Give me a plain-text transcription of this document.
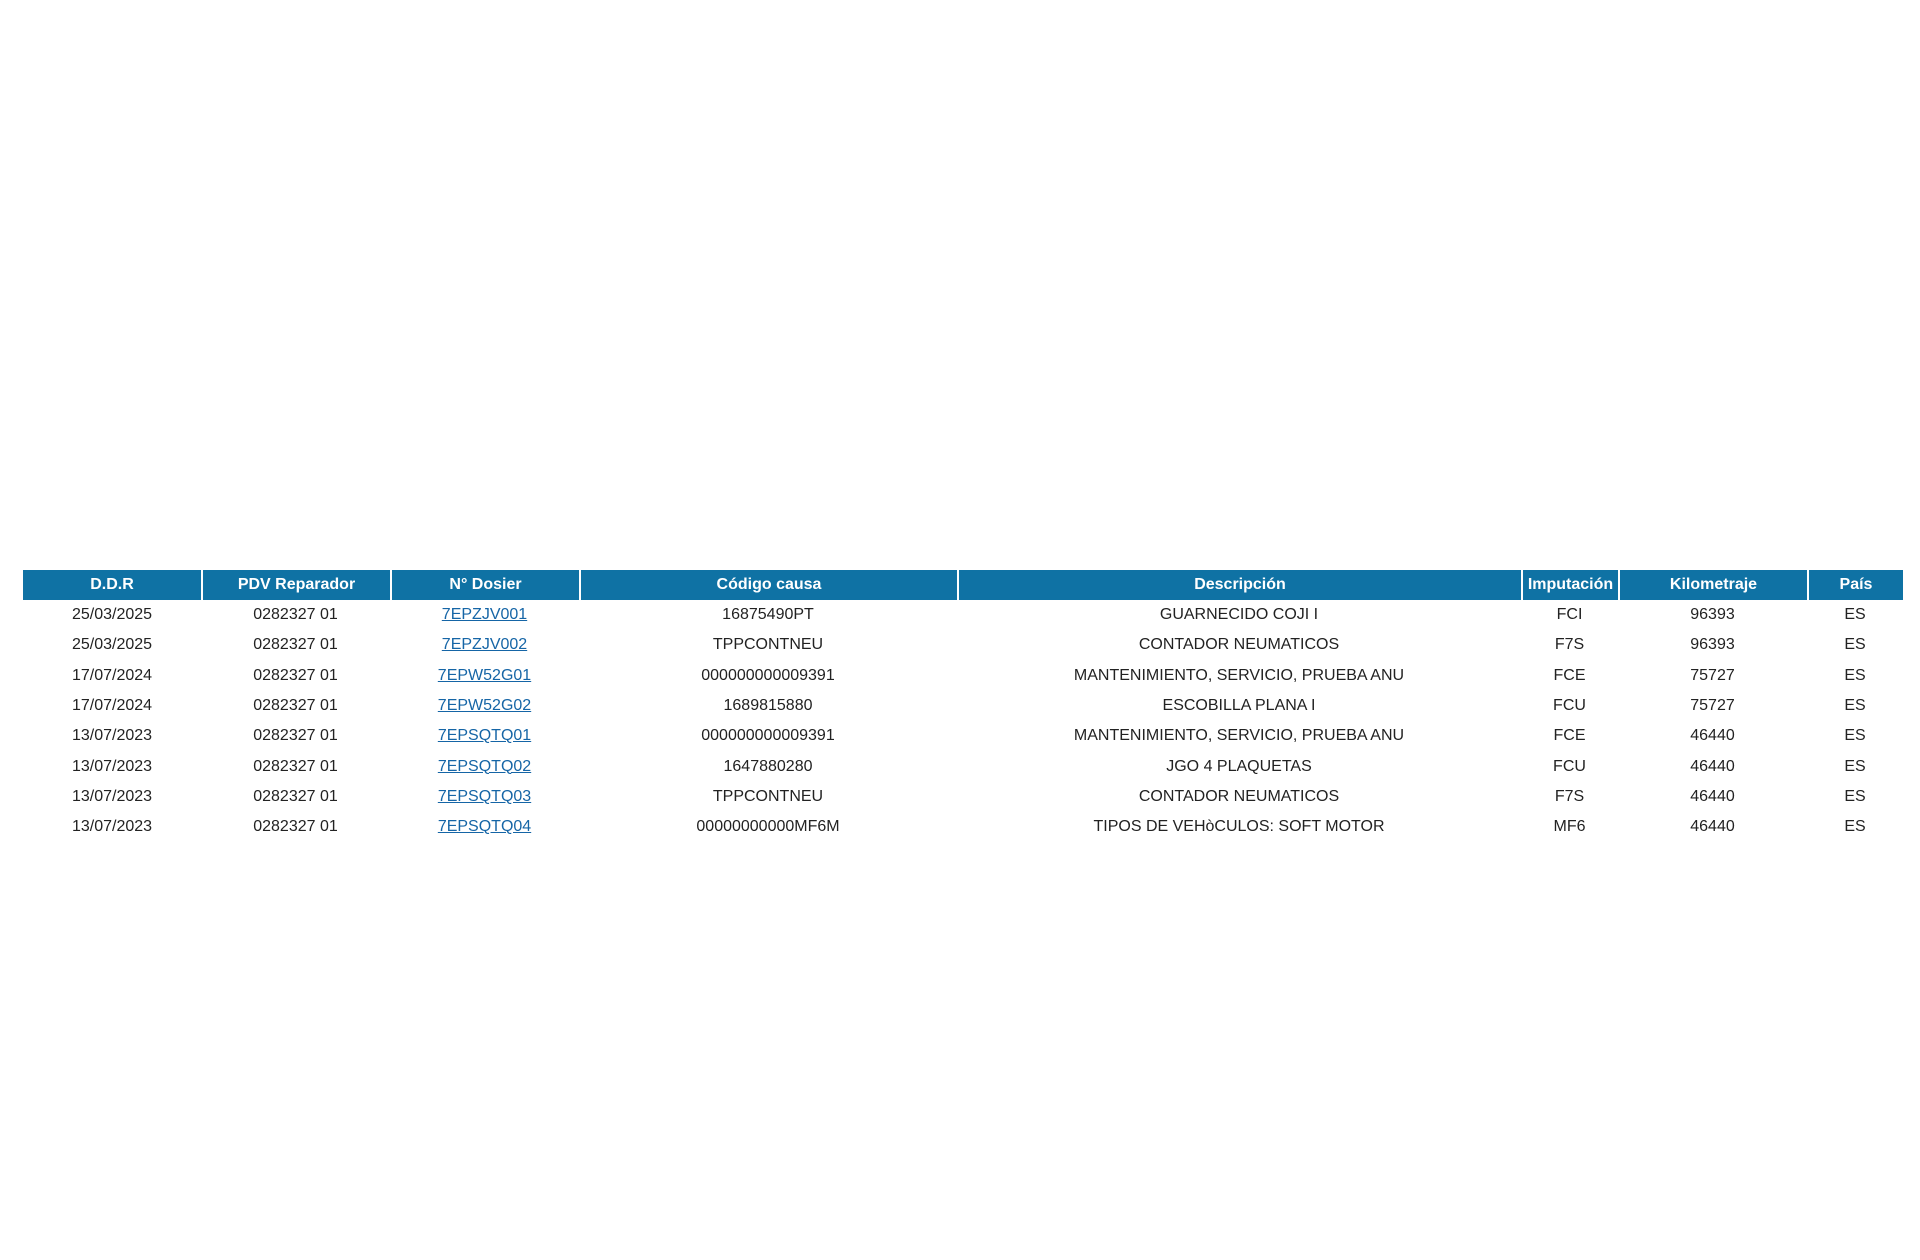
D.D.R	PDV Reparador	N° Dosier	Código causa	Descripción	Imputación	Kilometraje	País
25/03/2025	0282327 01	7EPZJV001	16875490PT	GUARNECIDO COJI I	FCI	96393	ES
25/03/2025	0282327 01	7EPZJV002	TPPCONTNEU	CONTADOR NEUMATICOS	F7S	96393	ES
17/07/2024	0282327 01	7EPW52G01	000000000009391	MANTENIMIENTO, SERVICIO, PRUEBA ANU	FCE	75727	ES
17/07/2024	0282327 01	7EPW52G02	1689815880	ESCOBILLA PLANA I	FCU	75727	ES
13/07/2023	0282327 01	7EPSQTQ01	000000000009391	MANTENIMIENTO, SERVICIO, PRUEBA ANU	FCE	46440	ES
13/07/2023	0282327 01	7EPSQTQ02	1647880280	JGO 4 PLAQUETAS	FCU	46440	ES
13/07/2023	0282327 01	7EPSQTQ03	TPPCONTNEU	CONTADOR NEUMATICOS	F7S	46440	ES
13/07/2023	0282327 01	7EPSQTQ04	00000000000MF6M	TIPOS DE VEHòCULOS: SOFT MOTOR	MF6	46440	ES
